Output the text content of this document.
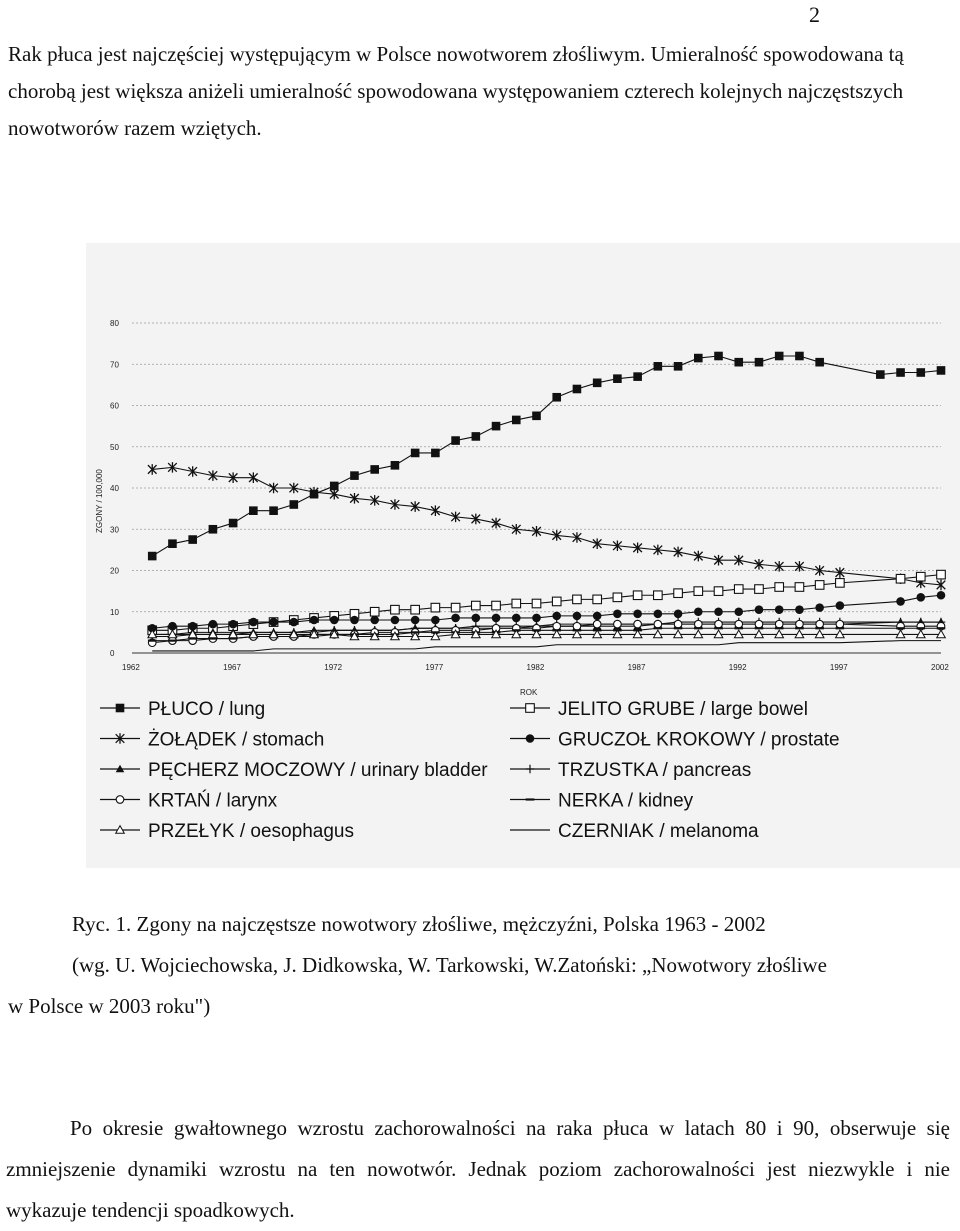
2

Rak płuca jest najczęściej występującym w Polsce nowotworem złośliwym. Umieralność spowodowana tą chorobą jest większa aniżeli umieralność spowodowana występowaniem czterech kolejnych najczęstszych nowotworów razem wziętych.

0
10
20
30
40
50
60
70
80
1962	1967	1972	1977	1982	1987	1992	1997	2002
ZGONY / 100,000
ROK
PŁUCO / lung
ŻOŁĄDEK / stomach
JELITO GRUBE / large bowel
GRUCZOŁ KROKOWY / prostate
PĘCHERZ MOCZOWY / urinary bladder	TRZUSTKA / pancreas
KRTAŃ / larynx	NERKA / kidney
PRZEŁYK / oesophagus	CZERNIAK / melanoma

Ryc. 1. Zgony na najczęstsze nowotwory złośliwe, mężczyźni, Polska 1963 - 2002

(wg. U. Wojciechowska, J. Didkowska, W. Tarkowski, W.Zatoński: „Nowotwory złośliwe

w Polsce w 2003 roku")

Po okresie gwałtownego wzrostu zachorowalności na raka płuca w latach 80 i 90, obserwuje się zmniejszenie dynamiki wzrostu na ten nowotwór. Jednak poziom zachorowalności jest niezwykle i nie wykazuje tendencji spoadkowych.
